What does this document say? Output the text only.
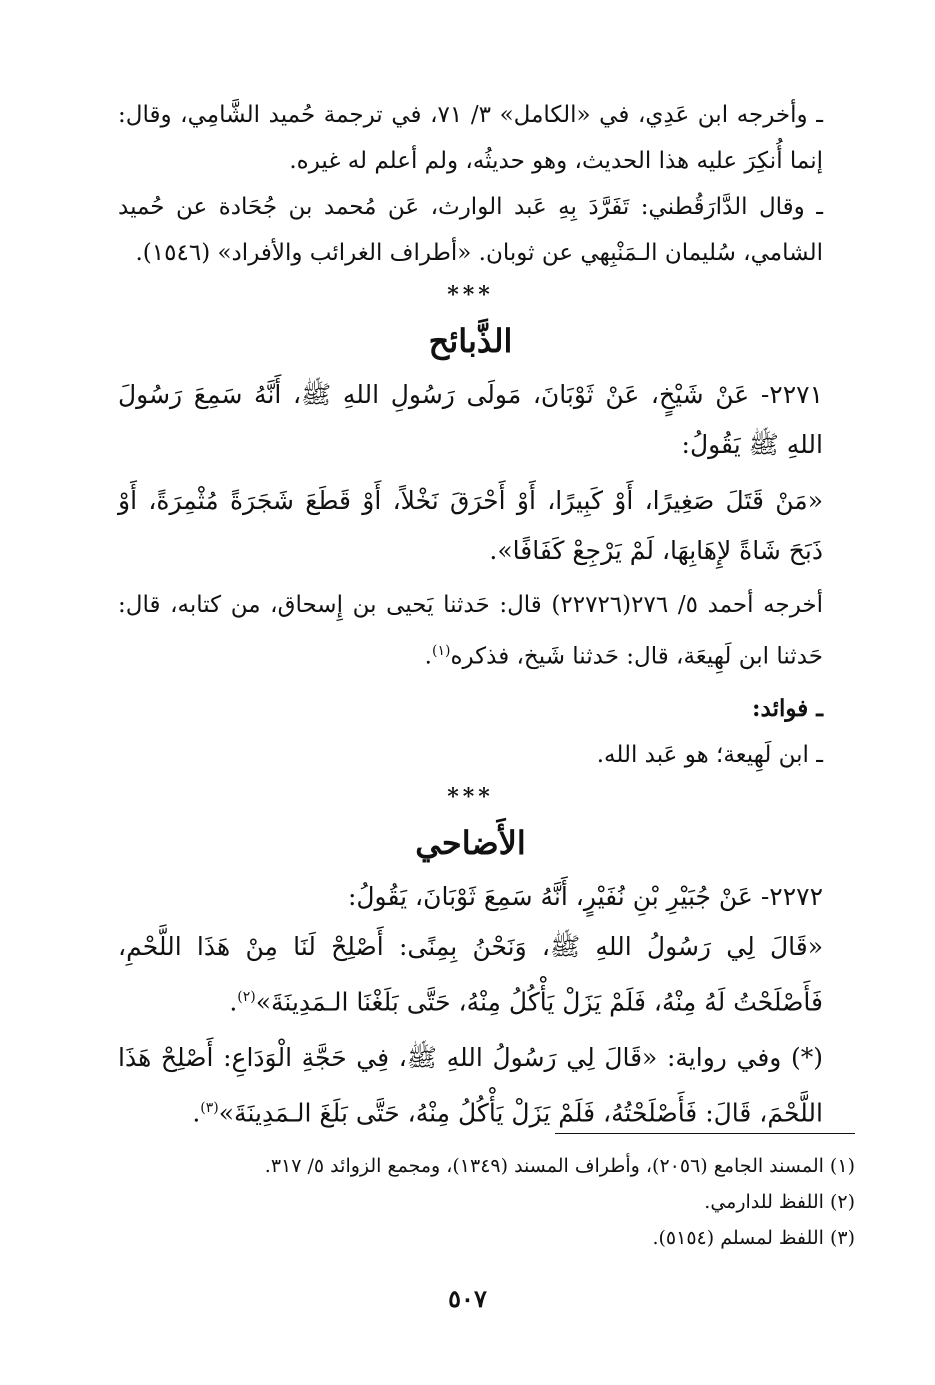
ـ وأخرجه ابن عَدِي، في «الكامل» ٣/ ٧١، في ترجمة حُميد الشَّامِي، وقال: إنما أُنكِرَ عليه هذا الحديث، وهو حديثُه، ولم أعلم له غيره.

ـ وقال الدَّارَقُطني: تَفَرَّدَ بِهِ عَبد الوارث، عَن مُحمد بن جُحَادة عن حُميد الشامي، سُليمان الـمَنْبِهي عن ثوبان. «أطراف الغرائب والأفراد» (١٥٤٦).

***
الذَّبائح

٢٢٧١- عَنْ شَيْخٍ، عَنْ ثَوْبَانَ، مَولَى رَسُولِ اللهِ ﷺ، أَنَّهُ سَمِعَ رَسُولَ اللهِ ﷺ يَقُولُ:

«مَنْ قَتَلَ صَغِيرًا، أَوْ كَبِيرًا، أَوْ أَحْرَقَ نَخْلاً، أَوْ قَطَعَ شَجَرَةً مُثْمِرَةً، أَوْ ذَبَحَ شَاةً لإِهَابِهَا، لَمْ يَرْجِعْ كَفَافًا».

أخرجه أحمد ٥/ ٢٧٦(٢٢٧٢٦) قال: حَدثنا يَحيى بن إِسحاق، من كتابه، قال: حَدثنا ابن لَهِيعَة، قال: حَدثنا شَيخ، فذكره$^{(١)}$.

ـ فوائد:

ـ ابن لَهِيعة؛ هو عَبد الله.

***
الأَضاحي

٢٢٧٢- عَنْ جُبَيْرِ بْنِ نُفَيْرٍ، أَنَّهُ سَمِعَ ثَوْبَانَ، يَقُولُ:

«قَالَ لِي رَسُولُ اللهِ ﷺ، وَنَحْنُ بِمِنًى: أَصْلِحْ لَنَا مِنْ هَذَا اللَّحْمِ، فَأَصْلَحْتُ لَهُ مِنْهُ، فَلَمْ يَزَلْ يَأْكُلُ مِنْهُ، حَتَّى بَلَغْنَا الـمَدِينَةَ»$^{(٢)}$.

(*) وفي رواية: «قَالَ لِي رَسُولُ اللهِ ﷺ، فِي حَجَّةِ الْوَدَاعِ: أَصْلِحْ هَذَا اللَّحْمَ، قَالَ: فَأَصْلَحْتُهُ، فَلَمْ يَزَلْ يَأْكُلُ مِنْهُ، حَتَّى بَلَغَ الـمَدِينَةَ»$^{(٣)}$.

(١) المسند الجامع (٢٠٥٦)، وأطراف المسند (١٣٤٩)، ومجمع الزوائد ٥/ ٣١٧.
(٢) اللفظ للدارمي.
(٣) اللفظ لمسلم (٥١٥٤).
٥٠٧
